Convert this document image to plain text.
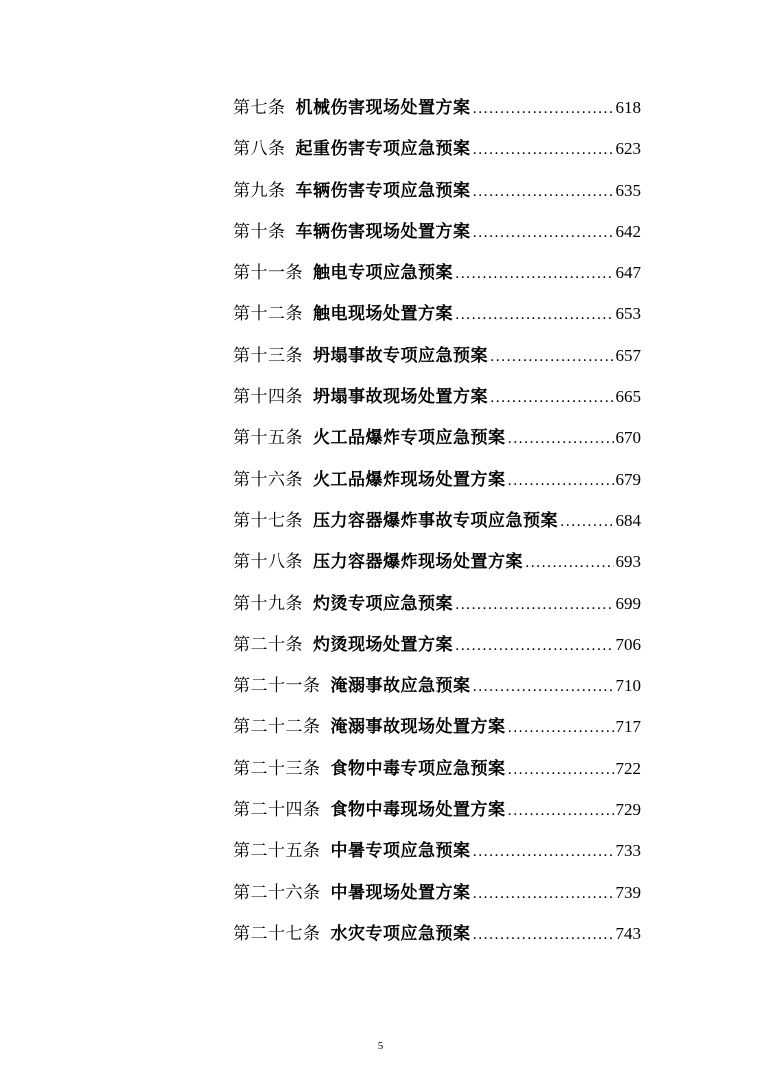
第七条 机械伤害现场处置方案 .....	618
第八条 起重伤害专项应急预案 .....	623
第九条 车辆伤害专项应急预案 .....	635
第十条 车辆伤害现场处置方案 .....	642
第十一条 触电专项应急预案 .....	647
第十二条 触电现场处置方案 .....	653
第十三条 坍塌事故专项应急预案 .....	657
第十四条 坍塌事故现场处置方案 .....	665
第十五条 火工品爆炸专项应急预案 .....	670
第十六条 火工品爆炸现场处置方案 .....	679
第十七条 压力容器爆炸事故专项应急预案 .....	684
第十八条 压力容器爆炸现场处置方案 .....	693
第十九条 灼烫专项应急预案 .....	699
第二十条 灼烫现场处置方案 .....	706
第二十一条 淹溺事故应急预案 .....	710
第二十二条 淹溺事故现场处置方案 .....	717
第二十三条 食物中毒专项应急预案 .....	722
第二十四条 食物中毒现场处置方案 .....	729
第二十五条 中暑专项应急预案 .....	733
第二十六条 中暑现场处置方案 .....	739
第二十七条 水灾专项应急预案 .....	743
5
